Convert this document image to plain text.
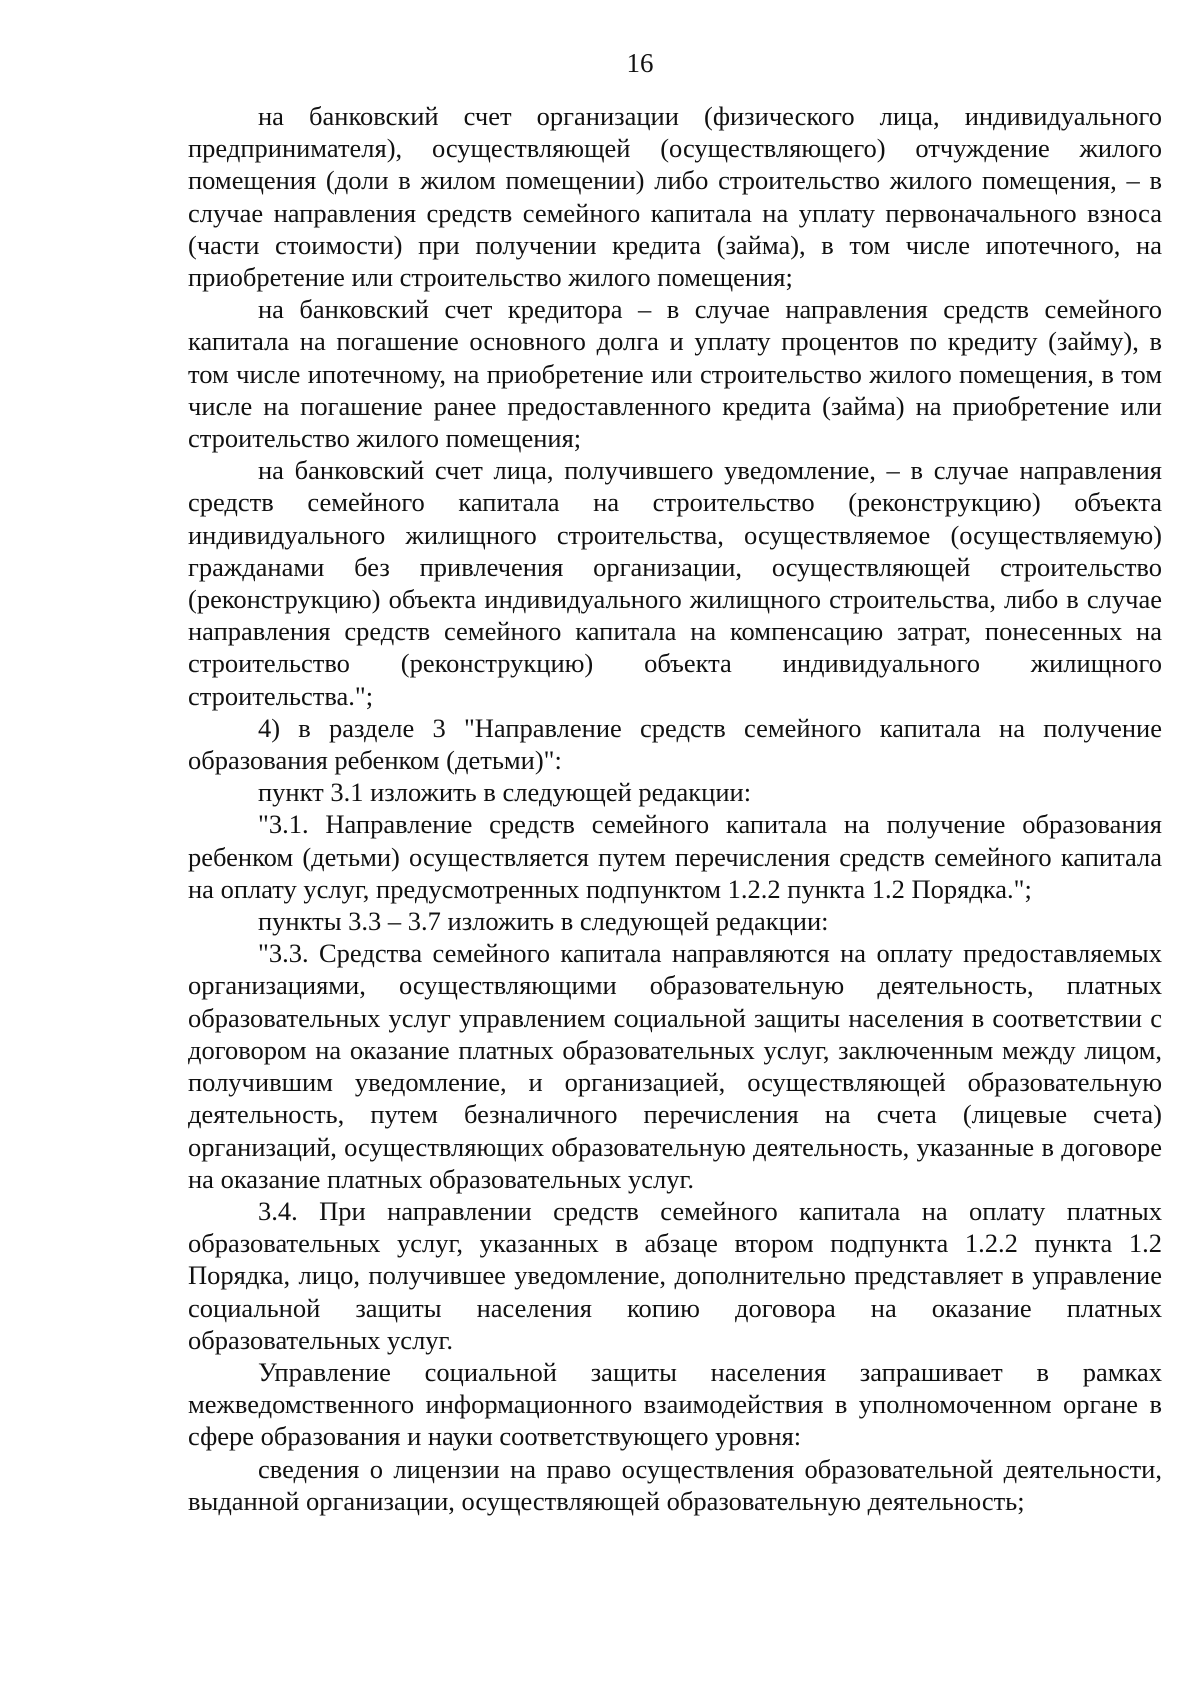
16

на банковский счет организации (физического лица, индивидуального предпринимателя), осуществляющей (осуществляющего) отчуждение жилого помещения (доли в жилом помещении) либо строительство жилого помещения, – в случае направления средств семейного капитала на уплату первоначального взноса (части стоимости) при получении кредита (займа), в том числе ипотечного, на приобретение или строительство жилого помещения;

на банковский счет кредитора – в случае направления средств семейного капитала на погашение основного долга и уплату процентов по кредиту (займу), в том числе ипотечному, на приобретение или строительство жилого помещения, в том числе на погашение ранее предоставленного кредита (займа) на приобретение или строительство жилого помещения;

на банковский счет лица, получившего уведомление, – в случае направления средств семейного капитала на строительство (реконструкцию) объекта индивидуального жилищного строительства, осуществляемое (осуществляемую) гражданами без привлечения организации, осуществляющей строительство (реконструкцию) объекта индивидуального жилищного строительства, либо в случае направления средств семейного капитала на компенсацию затрат, понесенных на строительство (реконструкцию) объекта индивидуального жилищного строительства.";

4) в разделе 3 "Направление средств семейного капитала на получение образования ребенком (детьми)":

пункт 3.1 изложить в следующей редакции:

"3.1. Направление средств семейного капитала на получение образования ребенком (детьми) осуществляется путем перечисления средств семейного капитала на оплату услуг, предусмотренных подпунктом 1.2.2 пункта 1.2 Порядка.";

пункты 3.3 – 3.7 изложить в следующей редакции:

"3.3. Средства семейного капитала направляются на оплату предоставляемых организациями, осуществляющими образовательную деятельность, платных образовательных услуг управлением социальной защиты населения в соответствии с договором на оказание платных образовательных услуг, заключенным между лицом, получившим уведомление, и организацией, осуществляющей образовательную деятельность, путем безналичного перечисления на счета (лицевые счета) организаций, осуществляющих образовательную деятельность, указанные в договоре на оказание платных образовательных услуг.

3.4. При направлении средств семейного капитала на оплату платных образовательных услуг, указанных в абзаце втором подпункта 1.2.2 пункта 1.2 Порядка, лицо, получившее уведомление, дополнительно представляет в управление социальной защиты населения копию договора на оказание платных образовательных услуг.

Управление социальной защиты населения запрашивает в рамках межведомственного информационного взаимодействия в уполномоченном органе в сфере образования и науки соответствующего уровня:

сведения о лицензии на право осуществления образовательной деятельности, выданной организации, осуществляющей образовательную деятельность;
